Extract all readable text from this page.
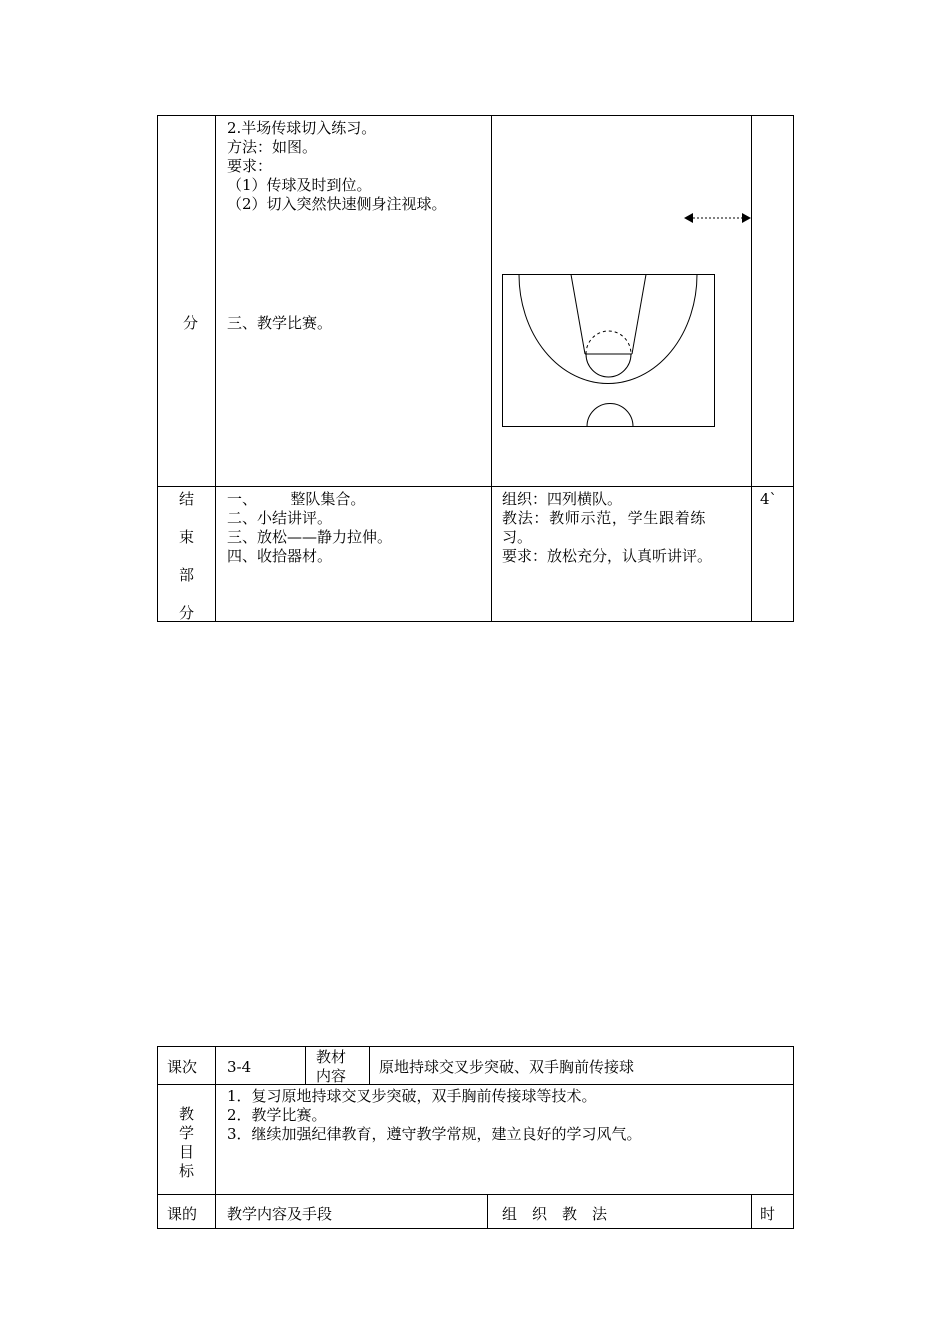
分
2.半场传球切入练习。
方法：如图。
要求：
（1）传球及时到位。
（2）切入突然快速侧身注视球。
三、教学比赛。
结
束
部
分
一、       整队集合。
二、小结讲评。
三、放松——静力拉伸。
四、收拾器材。
组织：四列横队。
教法：教师示范，学生跟着练
习。
要求：放松充分，认真听讲评。
4`
课次 3-4
教材
内容 原地持球交叉步突破、双手胸前传接球
教
学
目
标
1．复习原地持球交叉步突破，双手胸前传接球等技术。
2．教学比赛。
3．继续加强纪律教育，遵守教学常规，建立良好的学习风气。
课的 教学内容及手段	组　织　教　法	时
